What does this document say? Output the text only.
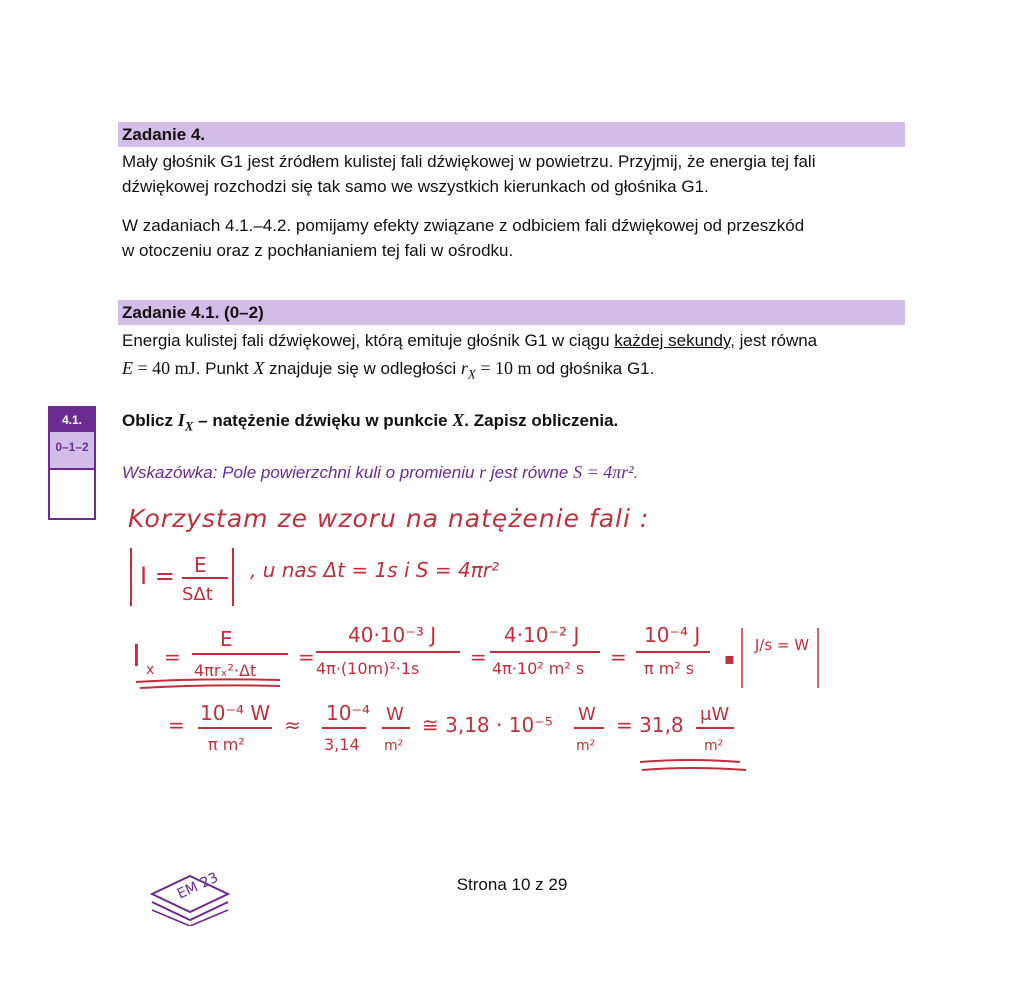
Zadanie 4.
Mały głośnik G1 jest źródłem kulistej fali dźwiękowej w powietrzu. Przyjmij, że energia tej fali
dźwiękowej rozchodzi się tak samo we wszystkich kierunkach od głośnika G1.
W zadaniach 4.1.–4.2. pomijamy efekty związane z odbiciem fali dźwiękowej od przeszkód
w otoczeniu oraz z pochłanianiem tej fali w ośrodku.
Zadanie 4.1. (0–2)
Energia kulistej fali dźwiękowej, którą emituje głośnik G1 w ciągu każdej sekundy, jest równa
E = 40 mJ. Punkt X znajduje się w odległości $r_X = 10$ m od głośnika G1.
4.1.
0–1–2
Oblicz $I_X$ – natężenie dźwięku w punkcie X. Zapisz obliczenia.
Wskazówka: Pole powierzchni kuli o promieniu r jest równe S = 4πr².
Korzystam ze wzoru na natężenie fali :
I = E
SΔt
, u nas Δt = 1s i S = 4πr²
I x
=
E
4πrₓ²·Δt
=
40·10⁻³ J
4π·(10m)²·1s	=
4·10⁻² J
4π·10² m² s =
10⁻⁴ J
π m² s
▪
J/s = W
= 10⁻⁴ W
π m²
≈ 10⁻⁴
3,14
W
m²
≅ 3,18 · 10⁻⁵ W
m²
= 31,8 μW
m²
EM 23	Strona 10 z 29
